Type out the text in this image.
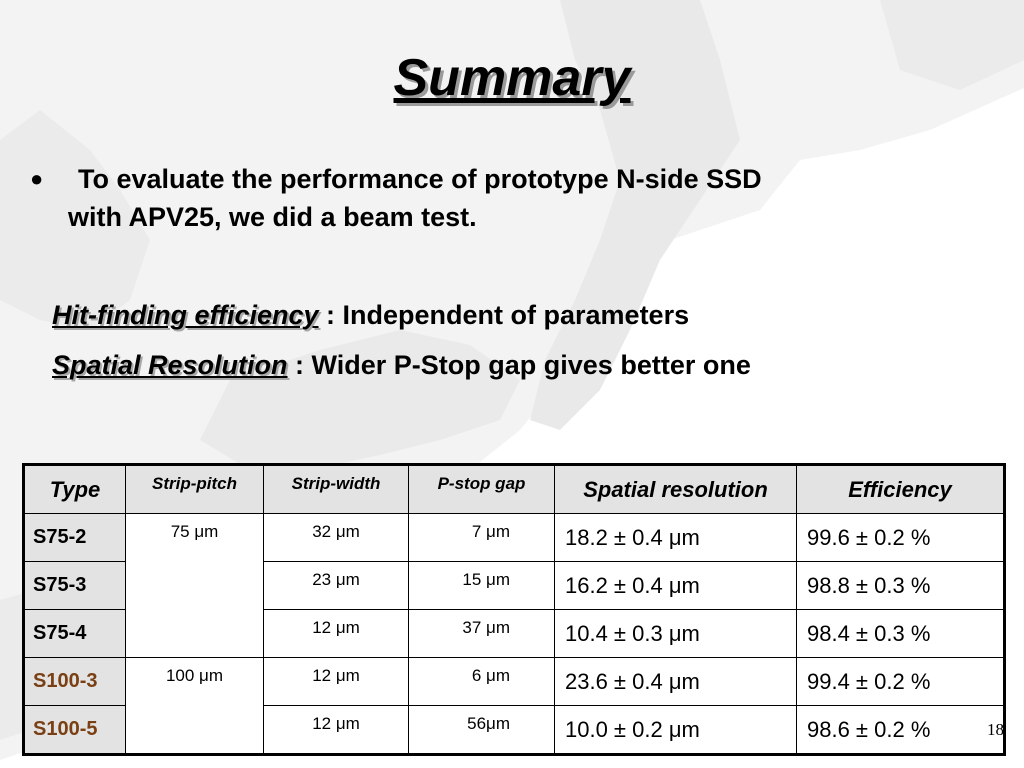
Summary
● To evaluate the performance of prototype N-side SSD
with APV25, we did a beam test.
Hit-finding efficiency : Independent of parameters
Spatial Resolution : Wider P-Stop gap gives better one
Type	Strip-pitch	Strip-width	P-stop gap	Spatial resolution	Efficiency
S75-2	75 μm	32 μm	7 μm	18.2 ± 0.4 μm	99.6 ± 0.2 %
S75-3		23 μm	15 μm	16.2 ± 0.4 μm	98.8 ± 0.3 %
S75-4		12 μm	37 μm	10.4 ± 0.3 μm	98.4 ± 0.3 %
S100-3	100 μm	12 μm	6 μm	23.6 ± 0.4 μm	99.4 ± 0.2 %
S100-5		12 μm	56μm	10.0 ± 0.2 μm	98.6 ± 0.2 %	18
